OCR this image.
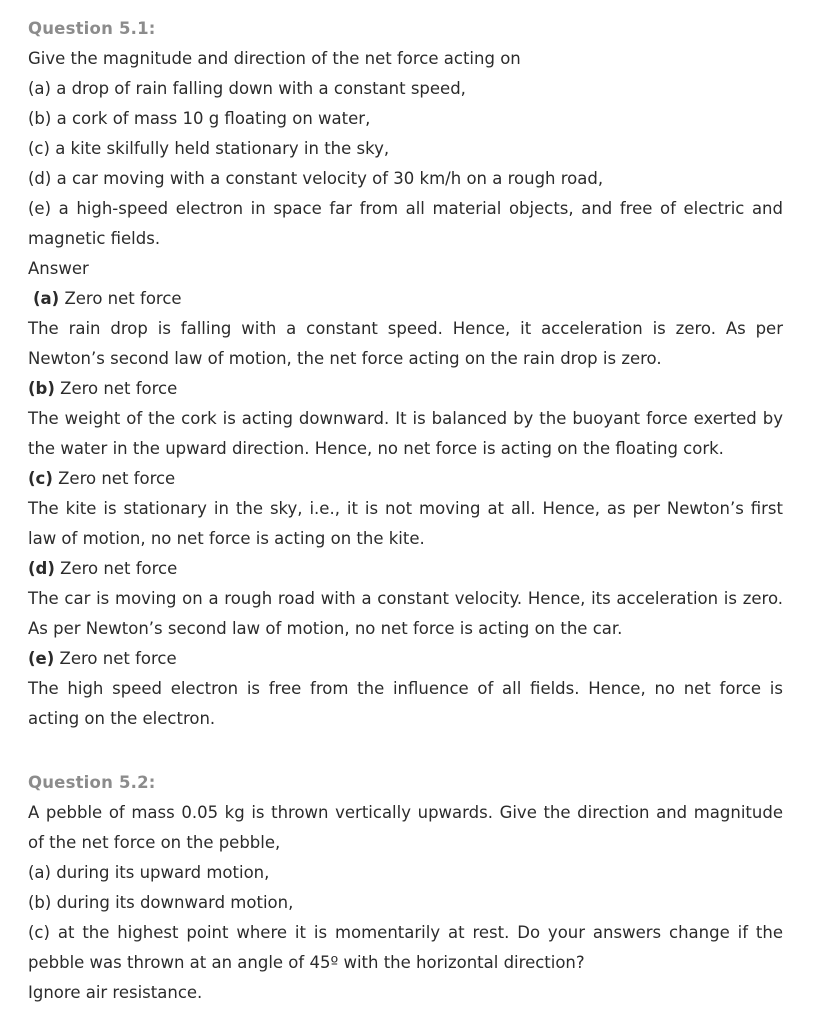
Question 5.1:

Give the magnitude and direction of the net force acting on

(a) a drop of rain falling down with a constant speed,

(b) a cork of mass 10 g floating on water,

(c) a kite skilfully held stationary in the sky,

(d) a car moving with a constant velocity of 30 km/h on a rough road,

(e) a high-speed electron in space far from all material objects, and free of electric and magnetic fields.

Answer

(a) Zero net force

The rain drop is falling with a constant speed. Hence, it acceleration is zero. As per Newton’s second law of motion, the net force acting on the rain drop is zero.

(b) Zero net force

The weight of the cork is acting downward. It is balanced by the buoyant force exerted by the water in the upward direction. Hence, no net force is acting on the floating cork.

(c) Zero net force

The kite is stationary in the sky, i.e., it is not moving at all. Hence, as per Newton’s first law of motion, no net force is acting on the kite.

(d) Zero net force

The car is moving on a rough road with a constant velocity. Hence, its acceleration is zero. As per Newton’s second law of motion, no net force is acting on the car.

(e) Zero net force

The high speed electron is free from the influence of all fields. Hence, no net force is acting on the electron.

Question 5.2:

A pebble of mass 0.05 kg is thrown vertically upwards. Give the direction and magnitude of the net force on the pebble,

(a) during its upward motion,

(b) during its downward motion,

(c) at the highest point where it is momentarily at rest. Do your answers change if the pebble was thrown at an angle of 45º with the horizontal direction?

Ignore air resistance.
